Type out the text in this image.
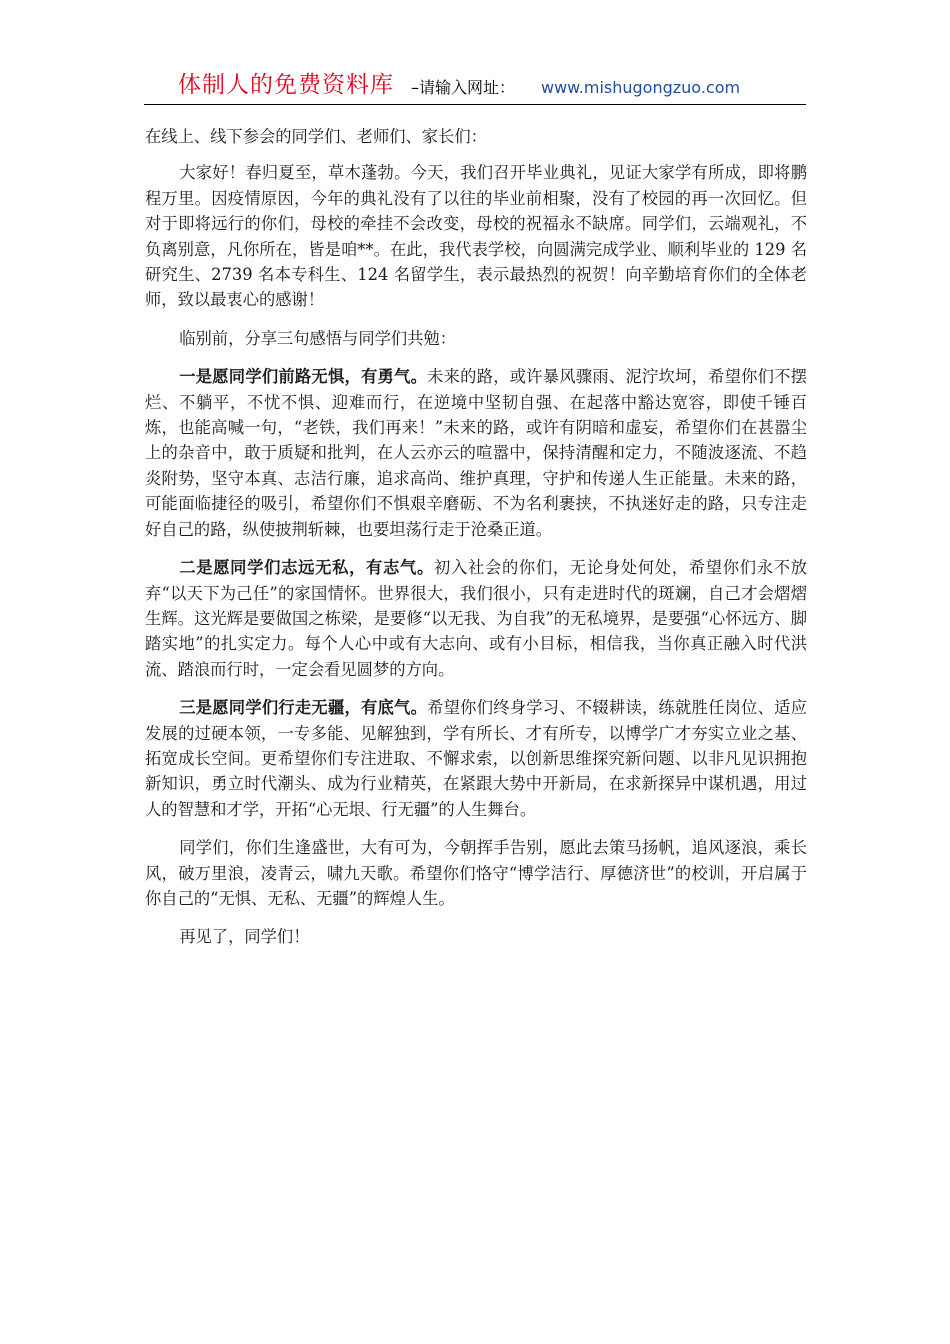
体制人的免费资料库 –请输入网址： www.mishugongzuo.com

在线上、线下参会的同学们、老师们、家长们：

大家好！春归夏至，草木蓬勃。今天，我们召开毕业典礼，见证大家学有所成，即将鹏程万里。因疫情原因，今年的典礼没有了以往的毕业前相聚，没有了校园的再一次回忆。但对于即将远行的你们，母校的牵挂不会改变，母校的祝福永不缺席。同学们，云端观礼，不负离别意，凡你所在，皆是咱**。在此，我代表学校，向圆满完成学业、顺利毕业的 129 名研究生、2739 名本专科生、124 名留学生，表示最热烈的祝贺！向辛勤培育你们的全体老师，致以最衷心的感谢！

临别前，分享三句感悟与同学们共勉：

一是愿同学们前路无惧，有勇气。未来的路，或许暴风骤雨、泥泞坎坷，希望你们不摆烂、不躺平，不忧不惧、迎难而行，在逆境中坚韧自强、在起落中豁达宽容，即使千锤百炼，也能高喊一句，“老铁，我们再来！”未来的路，或许有阴暗和虚妄，希望你们在甚嚣尘上的杂音中，敢于质疑和批判，在人云亦云的喧嚣中，保持清醒和定力，不随波逐流、不趋炎附势，坚守本真、志洁行廉，追求高尚、维护真理，守护和传递人生正能量。未来的路，可能面临捷径的吸引，希望你们不惧艰辛磨砺、不为名利裹挟，不执迷好走的路，只专注走好自己的路，纵使披荆斩棘，也要坦荡行走于沧桑正道。

二是愿同学们志远无私，有志气。初入社会的你们，无论身处何处，希望你们永不放弃“以天下为己任”的家国情怀。世界很大，我们很小，只有走进时代的斑斓，自己才会熠熠生辉。这光辉是要做国之栋梁，是要修“以无我、为自我”的无私境界，是要强“心怀远方、脚踏实地”的扎实定力。每个人心中或有大志向、或有小目标，相信我，当你真正融入时代洪流、踏浪而行时，一定会看见圆梦的方向。

三是愿同学们行走无疆，有底气。希望你们终身学习、不辍耕读，练就胜任岗位、适应发展的过硬本领，一专多能、见解独到，学有所长、才有所专，以博学广才夯实立业之基、拓宽成长空间。更希望你们专注进取、不懈求索，以创新思维探究新问题、以非凡见识拥抱新知识，勇立时代潮头、成为行业精英，在紧跟大势中开新局，在求新探异中谋机遇，用过人的智慧和才学，开拓“心无垠、行无疆”的人生舞台。

同学们，你们生逢盛世，大有可为，今朝挥手告别，愿此去策马扬帆，追风逐浪，乘长风，破万里浪，凌青云，啸九天歌。希望你们恪守“博学洁行、厚德济世”的校训，开启属于你自己的“无惧、无私、无疆”的辉煌人生。

再见了，同学们！
